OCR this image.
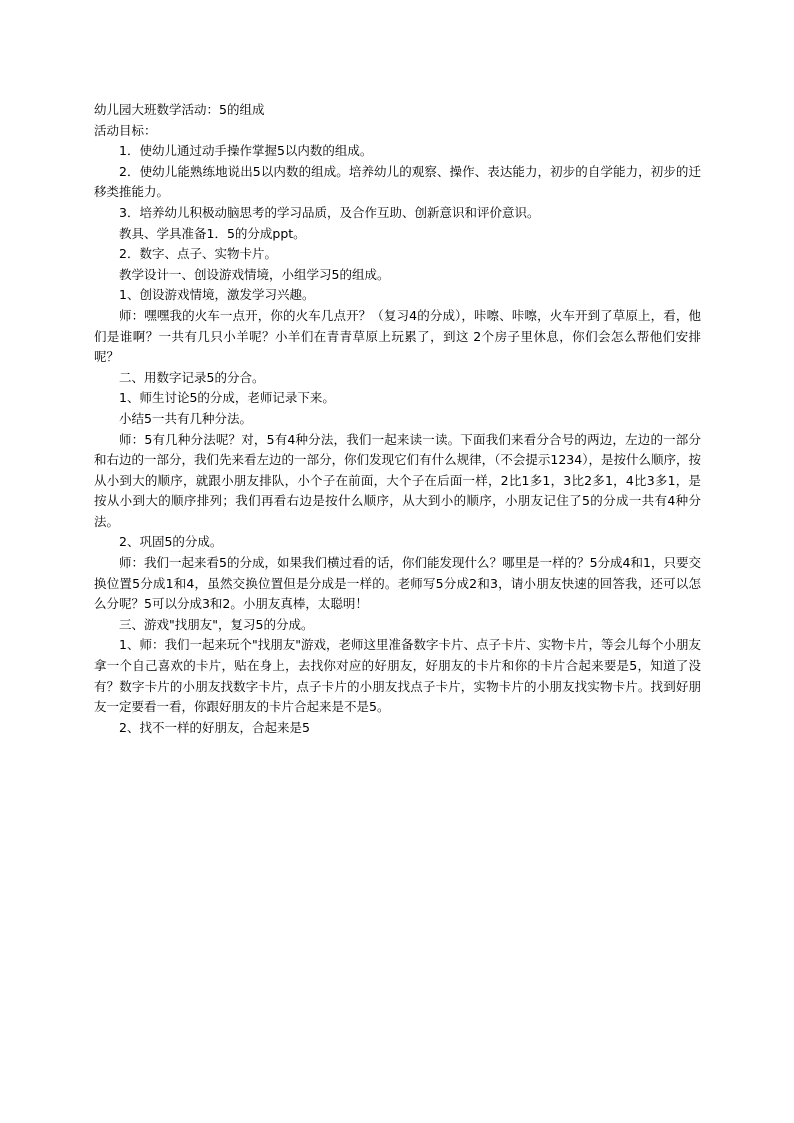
幼儿园大班数学活动：5的组成

活动目标：

1．使幼儿通过动手操作掌握5以内数的组成。

2．使幼儿能熟练地说出5以内数的组成。培养幼儿的观察、操作、表达能力，初步的自学能力，初步的迁移类推能力。

3．培养幼儿积极动脑思考的学习品质，及合作互助、创新意识和评价意识。

教具、学具准备1．5的分成ppt。

2．数字、点子、实物卡片。

教学设计一、创设游戏情境，小组学习5的组成。

1、创设游戏情境，激发学习兴趣。

师：嘿嘿我的火车一点开，你的火车几点开？（复习4的分成），咔嚓、咔嚓，火车开到了草原上，看，他们是谁啊？一共有几只小羊呢？小羊们在青青草原上玩累了，到这 2个房子里休息，你们会怎么帮他们安排呢？

二、用数字记录5的分合。

1、师生讨论5的分成，老师记录下来。

小结5一共有几种分法。

师：5有几种分法呢？对，5有4种分法，我们一起来读一读。下面我们来看分合号的两边，左边的一部分和右边的一部分，我们先来看左边的一部分，你们发现它们有什么规律，（不会提示1234），是按什么顺序，按从小到大的顺序，就跟小朋友排队，小个子在前面，大个子在后面一样，2比1多1，3比2多1，4比3多1，是按从小到大的顺序排列；我们再看右边是按什么顺序，从大到小的顺序，小朋友记住了5的分成一共有4种分法。

2、巩固5的分成。

师：我们一起来看5的分成，如果我们横过看的话，你们能发现什么？哪里是一样的？5分成4和1，只要交换位置5分成1和4，虽然交换位置但是分成是一样的。老师写5分成2和3，请小朋友快速的回答我，还可以怎么分呢？5可以分成3和2。小朋友真棒，太聪明！

三、游戏"找朋友"，复习5的分成。

1、师：我们一起来玩个"找朋友"游戏，老师这里准备数字卡片、点子卡片、实物卡片，等会儿每个小朋友拿一个自己喜欢的卡片，贴在身上，去找你对应的好朋友，好朋友的卡片和你的卡片合起来要是5，知道了没有？数字卡片的小朋友找数字卡片，点子卡片的小朋友找点子卡片，实物卡片的小朋友找实物卡片。找到好朋友一定要看一看，你跟好朋友的卡片合起来是不是5。

2、找不一样的好朋友，合起来是5
